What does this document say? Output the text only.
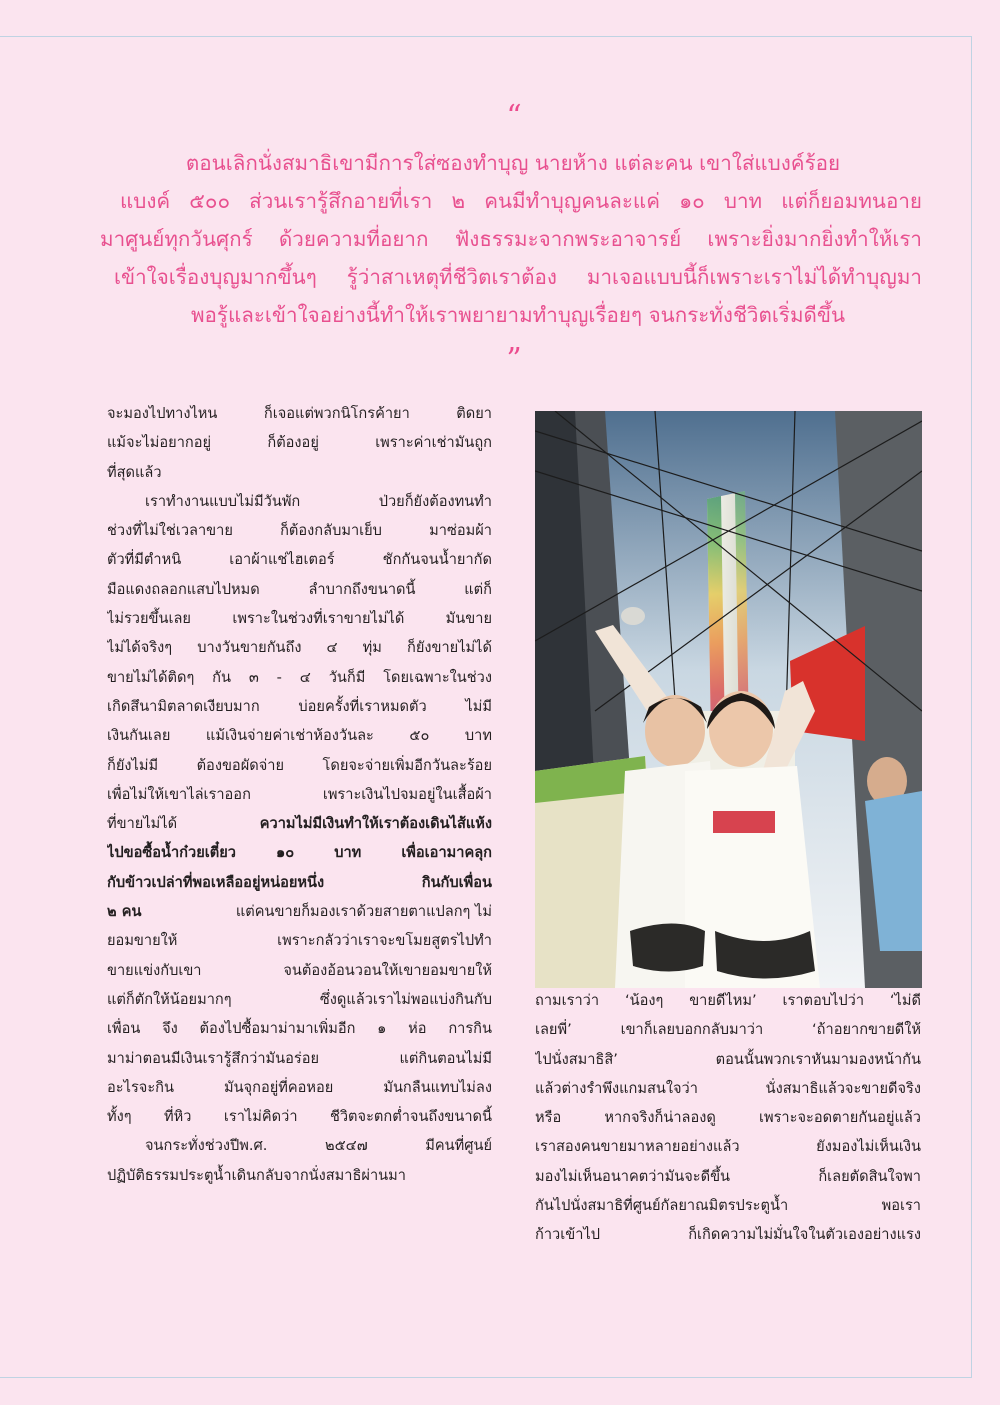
“
ตอนเลิกนั่งสมาธิเขามีการใส่ซองทำบุญ นายห้าง แต่ละคน เขาใส่แบงค์ร้อย
แบงค์ ๕๐๐ ส่วนเรารู้สึกอายที่เรา ๒ คนมีทำบุญคนละแค่ ๑๐ บาท แต่ก็ยอมทนอาย
มาศูนย์ทุกวันศุกร์ ด้วยความที่อยาก ฟังธรรมะจากพระอาจารย์ เพราะยิ่งมากยิ่งทำให้เรา
เข้าใจเรื่องบุญมากขึ้นๆ รู้ว่าสาเหตุที่ชีวิตเราต้อง มาเจอแบบนี้ก็เพราะเราไม่ได้ทำบุญมา
พอรู้และเข้าใจอย่างนี้ทำให้เราพยายามทำบุญเรื่อยๆ จนกระทั่งชีวิตเริ่มดีขึ้น
”
จะมองไปทางไหน ก็เจอแต่พวกนิโกรค้ายา ติดยา
แม้จะไม่อยากอยู่ ก็ต้องอยู่ เพราะค่าเช่ามันถูก
ที่สุดแล้ว
เราทำงานแบบไม่มีวันพัก ป่วยก็ยังต้องทนทำ
ช่วงที่ไม่ใช่เวลาขาย ก็ต้องกลับมาเย็บ มาซ่อมผ้า
ตัวที่มีตำหนิ เอาผ้าแช่ไฮเตอร์ ชักกันจนน้ำยากัด
มือแดงถลอกแสบไปหมด ลำบากถึงขนาดนี้ แต่ก็
ไม่รวยขึ้นเลย เพราะในช่วงที่เราขายไม่ได้ มันขาย
ไม่ได้จริงๆ บางวันขายกันถึง ๔ ทุ่ม ก็ยังขายไม่ได้
ขายไม่ได้ติดๆ กัน ๓ - ๔ วันก็มี โดยเฉพาะในช่วง
เกิดสึนามิตลาดเงียบมาก บ่อยครั้งที่เราหมดตัว ไม่มี
เงินกันเลย แม้เงินจ่ายค่าเช่าห้องวันละ ๕๐ บาท
ก็ยังไม่มี ต้องขอผัดจ่าย โดยจะจ่ายเพิ่มอีกวันละร้อย
เพื่อไม่ให้เขาไล่เราออก เพราะเงินไปจมอยู่ในเสื้อผ้า
ที่ขายไม่ได้	ความไม่มีเงินทำให้เราต้องเดินไส้แห้ง
ไปขอซื้อน้ำก๋วยเตี๋ยว ๑๐ บาท เพื่อเอามาคลุก
กับข้าวเปล่าที่พอเหลืออยู่หน่อยหนึ่ง กินกับเพื่อน
๒ คน	แต่คนขายก็มองเราด้วยสายตาแปลกๆ ไม่
ยอมขายให้ เพราะกลัวว่าเราจะขโมยสูตรไปทำ
ขายแข่งกับเขา จนต้องอ้อนวอนให้เขายอมขายให้
แต่ก็ตักให้น้อยมากๆ ซึ่งดูแล้วเราไม่พอแบ่งกินกับ
เพื่อน จึง ต้องไปซื้อมาม่ามาเพิ่มอีก ๑ ห่อ การกิน
มาม่าตอนมีเงินเรารู้สึกว่ามันอร่อย แต่กินตอนไม่มี
อะไรจะกิน มันจุกอยู่ที่คอหอย มันกลืนแทบไม่ลง
ทั้งๆ ที่หิว เราไม่คิดว่า ชีวิตจะตกต่ำจนถึงขนาดนี้
จนกระทั่งช่วงปีพ.ศ. ๒๕๔๗ มีคนที่ศูนย์
ปฏิบัติธรรมประตูน้ำเดินกลับจากนั่งสมาธิผ่านมา
ถามเราว่า ‘น้องๆ ขายดีไหม’ เราตอบไปว่า ‘ไม่ดี
เลยพี่’ เขาก็เลยบอกกลับมาว่า ‘ถ้าอยากขายดีให้
ไปนั่งสมาธิสิ’ ตอนนั้นพวกเราหันมามองหน้ากัน
แล้วต่างรำพึงแกมสนใจว่า นั่งสมาธิแล้วจะขายดีจริง
หรือ หากจริงก็น่าลองดู เพราะจะอดตายกันอยู่แล้ว
เราสองคนขายมาหลายอย่างแล้ว ยังมองไม่เห็นเงิน
มองไม่เห็นอนาคตว่ามันจะดีขึ้น ก็เลยตัดสินใจพา
กันไปนั่งสมาธิที่ศูนย์กัลยาณมิตรประตูน้ำ พอเรา
ก้าวเข้าไป ก็เกิดความไม่มั่นใจในตัวเองอย่างแรง
